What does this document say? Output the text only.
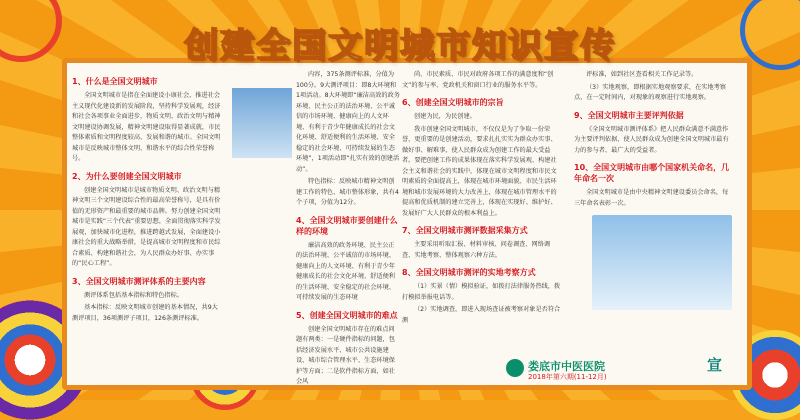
创建全国文明城市知识宣传
1、什么是全国文明城市

全国文明城市是指在全面建设小康社会，推进社会主义现代化建设新的发展阶段，坚持科学发展观，经济和社会各项事业全面进步，物质文明、政治文明与精神文明建设协调发展，精神文明建设取得显著成就，市民整体素质和文明程度较高、发展和谐的城市。全国文明城市是反映城市整体文明、和谐水平的综合性荣誉称号。

2、为什么要创建全国文明城市

创建全国文明城市是城市物质文明、政治文明与精神文明三个文明建设综合性的最高荣誉称号，是具有价值的无形资产和最重要的城市品牌。努力创建全国文明城市是实践“三个代表”重要思想，全面贯彻落实科学发展观，加快城市化进程，推进跨越式发展，全面建设小康社会的重大战略举措，是提高城市文明程度和市民综合素质、构建和谐社会，为人民群众办好事、办实事的“民心工程”。

3、全国文明城市测评体系的主要内容

测评体系包括基本指标和特色指标。

基本指标：反映文明城市创建的基本情况，共9大测评项目，36项测评子项目，126条测评标准。

内容，375条测评标准，分值为100分。9大测评项目：即8大环境和1项活动。8大环境即“廉洁高效的政务环境、民主公正的法治环境、公平诚信的市场环境、健康向上的人文环境、有利于青少年健康成长的社会文化环境、舒适便利的生活环境、安全稳定的社会环境、可持续发展的生态环境”，1项活动即“扎实有效的创建活动”。

特色指标：反映城市精神文明创建工作的特色、城市整体形象，共有4个子项，分值为12分。

4、全国文明城市要创建什么样的环境

廉洁高效的政务环境、民主公正的法治环境、公平诚信的市场环境、健康向上的人文环境、有利于青少年健康成长的社会文化环境、舒适便利的生活环境、安全稳定的社会环境、可持续发展的生态环境

5、创建全国文明城市的难点

创建全国文明城市存在的难点问题有两类：一是硬件指标的问题，包括经济发展水平、城市公共设施建设、城市综合管理水平、生态环境保护等方面；二是软件指标方面，如社会风

尚、市民素质、市民对政府各项工作的满意度和“创文”的参与率、党政机关和窗口行业的服务水平等。

6、创建全国文明城市的宗旨

创建为民，为民创建。

我市创建全国文明城市，不仅仅是为了争取一份荣誉，更重要的是创建活动，要求扎扎实实为群众办实事、做好事、解难事，使人民群众成为创建工作的最大受益者。要把创建工作的成果体现在落实科学发展观、构建社会主义和谐社会的实践中，体现在城市文明程度和市民文明素质的全面提高上，体现在城市环境面貌、市民生活环境和城市发展环境的大力改善上，体现在城市管理水平的提高和优质机制的建立完善上，体现在实现好、维护好、发展好广大人民群众的根本利益上。

7、全国文明城市测评数据采集方式

主要采用听取汇报、材料审核、问卷调查、网络调查、实地考察、整体观察六种方法。

8、全国文明城市测评的实地考察方式

（1）实景（情）模拟验证，如拨打法律服务热线，拨打模拟举报电话等。

（2）实地调查，即进入现场查证被考察对象是否符合测

评标准，如到社区查看相关工作记录等。

（3）实地观察，即根据实地观察要求，在实地考察点，在一定时间内，对现象的观察进行实地观察。

9、全国文明城市主要评判依据

《全国文明城市测评体系》把人民群众满意不满意作为主要评判依据，使人民群众成为创建全国文明城市最有力的参与者、最广大的受益者。

10、全国文明城市由哪个国家机关命名，几年命名一次

全国文明城市是由中央精神文明建设委员会命名，每三年命名表彰一次。

娄底市中医医院
2018年第六期(11-12月)
宣
